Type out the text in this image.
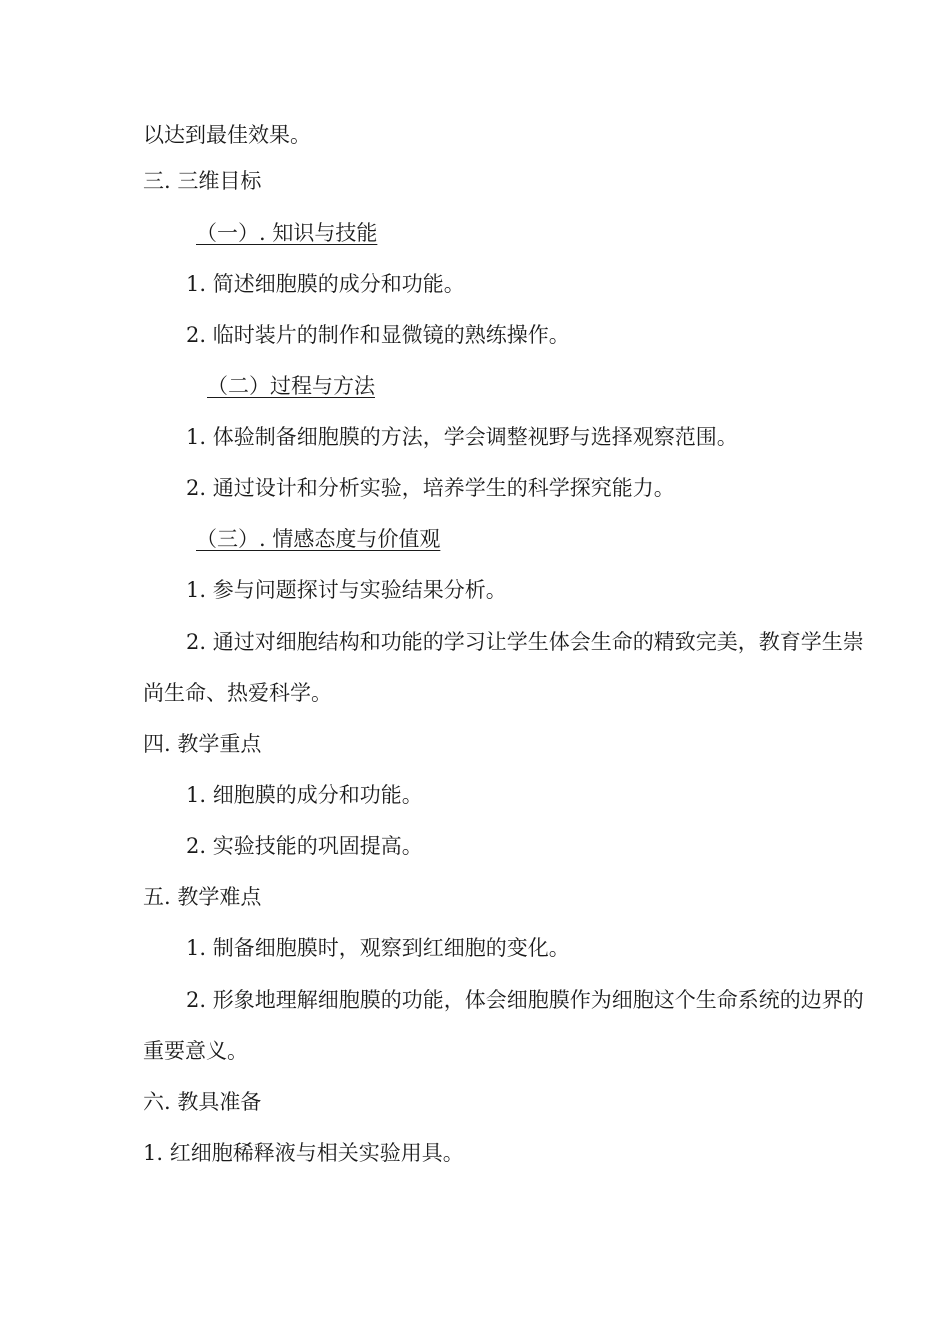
以达到最佳效果。
三. 三维目标
（一）. 知识与技能
1. 简述细胞膜的成分和功能。
2. 临时装片的制作和显微镜的熟练操作。
（二）过程与方法
1. 体验制备细胞膜的方法，学会调整视野与选择观察范围。
2. 通过设计和分析实验，培养学生的科学探究能力。
（三）. 情感态度与价值观
1. 参与问题探讨与实验结果分析。
2. 通过对细胞结构和功能的学习让学生体会生命的精致完美，教育学生崇
尚生命、热爱科学。
四. 教学重点
1. 细胞膜的成分和功能。
2. 实验技能的巩固提高。
五. 教学难点
1. 制备细胞膜时，观察到红细胞的变化。
2. 形象地理解细胞膜的功能，体会细胞膜作为细胞这个生命系统的边界的
重要意义。
六. 教具准备
1. 红细胞稀释液与相关实验用具。
